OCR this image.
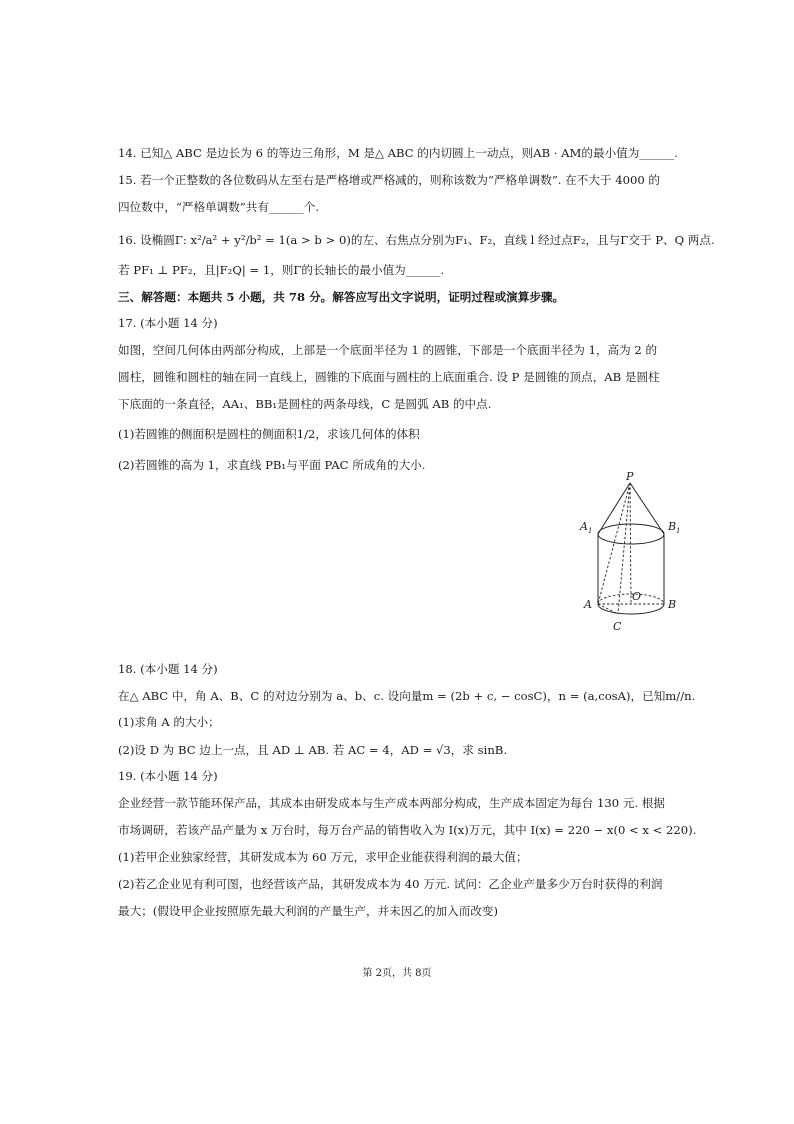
14. 已知△ ABC 是边长为 6 的等边三角形，M 是△ ABC 的内切圆上一动点，则AB · AM的最小值为______.
15. 若一个正整数的各位数码从左至右是严格增或严格减的，则称该数为“严格单调数”. 在不大于 4000 的
四位数中，“严格单调数”共有______个.
16. 设椭圆Γ: x²/a² + y²/b² = 1(a > b > 0)的左、右焦点分别为F₁、F₂，直线 l 经过点F₂，且与Γ交于 P、Q 两点.
若 PF₁ ⊥ PF₂，且|F₂Q| = 1，则Γ的长轴长的最小值为______.
三、解答题：本题共 5 小题，共 78 分。解答应写出文字说明，证明过程或演算步骤。
17. (本小题 14 分)
如图，空间几何体由两部分构成，上部是一个底面半径为 1 的圆锥，下部是一个底面半径为 1，高为 2 的
圆柱，圆锥和圆柱的轴在同一直线上，圆锥的下底面与圆柱的上底面重合. 设 P 是圆锥的顶点，AB 是圆柱
下底面的一条直径，AA₁、BB₁是圆柱的两条母线，C 是圆弧 AB 的中点.
(1)若圆锥的侧面积是圆柱的侧面积1/2，求该几何体的体积
(2)若圆锥的高为 1，求直线 PB₁与平面 PAC 所成角的大小.
P
A 1	B 1
A	B
O
C
18. (本小题 14 分)
在△ ABC 中，角 A、B、C 的对边分别为 a、b、c. 设向量m = (2b + c, − cosC)，n = (a,cosA)，已知m//n.
(1)求角 A 的大小；
(2)设 D 为 BC 边上一点，且 AD ⊥ AB. 若 AC = 4，AD = √3，求 sinB.
19. (本小题 14 分)
企业经营一款节能环保产品，其成本由研发成本与生产成本两部分构成，生产成本固定为每台 130 元. 根据
市场调研，若该产品产量为 x 万台时，每万台产品的销售收入为 I(x)万元，其中 I(x) = 220 − x(0 < x < 220).
(1)若甲企业独家经营，其研发成本为 60 万元，求甲企业能获得利润的最大值；
(2)若乙企业见有利可图，也经营该产品，其研发成本为 40 万元. 试问：乙企业产量多少万台时获得的利润
最大；(假设甲企业按照原先最大利润的产量生产，并未因乙的加入而改变)
第 2页，共 8页
